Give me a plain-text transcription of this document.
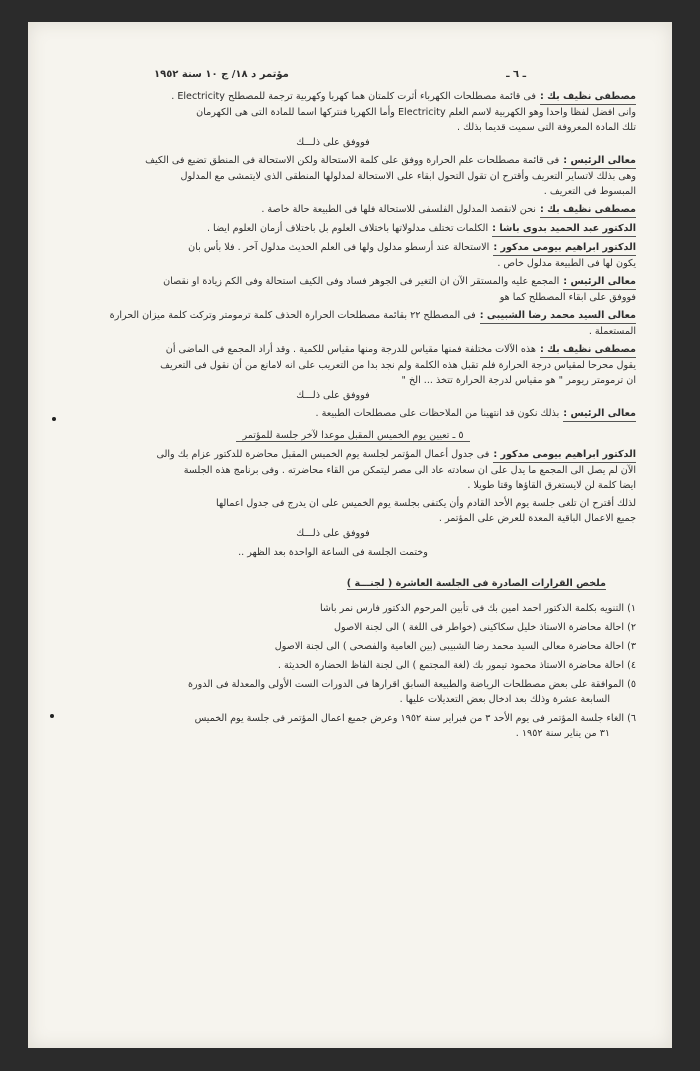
مؤتمر د ١٨/ ج ١٠ سنة ١٩٥٢	ـ ٦ ـ
مصطفى نظيف بك :فى قائمة مصطلحات الكهرباء أثرت كلمتان هما كهربا وكهربية ترجمة للمصطلح Electricity .
وانى افضل لفظا واحدا وهو الكهربية لاسم العلم Electricity وأما الكهربا فنتركها اسما للمادة التى هى الكهرمان
تلك المادة المعروفة التى سميت قديما بذلك .
فووفق على ذلـــك
معالى الرئيس :فى قائمة مصطلحات علم الحرارة ووفق على كلمة الاستحالة ولكن الاستحالة فى المنطق تضيع فى الكيف
وهى بذلك لاتساير التعريف وأقترح ان تقول التحول ابقاء على الاستحالة لمدلولها المنطقى الذى لايتمشى مع المدلول
المبسوط فى التعريف .
مصطفى نظيف بك :نحن لانقصد المدلول الفلسفى للاستحالة فلها فى الطبيعة حالة خاصة .
الدكتور عبد الحميد بدوى باشا :الكلمات تختلف مدلولاتها باختلاف العلوم بل باختلاف أزمان العلوم ايضا .
الدكتور ابراهيم بيومى مدكور :الاستحالة عند أرسطو مدلول ولها فى العلم الحديث مدلول آخر . فلا بأس بان
يكون لها فى الطبيعة مدلول خاص .
معالى الرئيس :المجمع عليه والمستقر الآن ان التغير فى الجوهر فساد وفى الكيف استحالة وفى الكم زيادة او نقصان
فووفق على ابقاء المصطلح كما هو
معالى السيد محمد رضا الشبيبى :فى المصطلح ٢٢ بقائمة مصطلحات الحرارة الحذف كلمة ترمومتر وتركت كلمة ميزان الحرارة
المستعملة .
مصطفى نظيف بك :هذه الآلات مختلفة فمنها مقياس للدرجة ومنها مقياس للكمية . وقد أراد المجمع فى الماضى أن
يقول محرحا لمقياس درجة الحرارة فلم تقبل هذه الكلمة ولم نجد بدا من التعريب على انه لامانع من أن نقول فى التعريف
ان ترمومتر ريومر " هو مقياس لدرجة الحرارة تتخذ ... الخ "
فووفق على ذلـــك
معالى الرئيس :بذلك نكون قد انتهينا من الملاحظات على مصطلحات الطبيعة .
٥ ـ تعيين يوم الخميس المقبل موعدا لآخر جلسة للمؤتمر
الدكتور ابراهيم بيومى مدكور :فى جدول أعمال المؤتمر لجلسة يوم الخميس المقبل محاضرة للدكتور عزام بك والى
الآن لم يصل الى المجمع ما يدل على ان سعادته عاد الى مصر ليتمكن من القاء محاضرته . وفى برنامج هذه الجلسة
ايضا كلمة لن لايستغرق القاؤها وقتا طويلا .
لذلك أقترح ان تلغى جلسة يوم الأحد القادم وأن يكتفى بجلسة يوم الخميس على ان يدرج فى جدول اعمالها
جميع الاعمال الباقية المعدة للعرض على المؤتمر .
فووفق على ذلـــك
وختمت الجلسة فى الساعة الواحدة بعد الظهر ..
ملخص القرارات الصادرة فى الجلسة العاشرة ( لجنـــة )
١) التنويه بكلمة الدكتور احمد امين بك فى تأبين المرحوم الدكتور فارس نمر باشا
٢) احالة محاضرة الاستاذ خليل سكاكينى (خواطر فى اللغة ) الى لجنة الاصول
٣) احالة محاضرة معالى السيد محمد رضا الشبيبى (بين العامية والفصحى ) الى لجنة الاصول
٤) احالة محاضرة الاستاذ محمود تيمور بك (لغة المجتمع ) الى لجنة الفاظ الحضارة الحديثة .
٥) الموافقة على بعض مصطلحات الرياضة والطبيعة السابق اقرارها فى الدورات الست الأولى والمعدلة فى الدورة
السابعة عشرة وذلك بعد ادخال بعض التعديلات عليها .
٦) الغاء جلسة المؤتمر فى يوم الأحد ٣ من فبراير سنة ١٩٥٢ وعرض جميع اعمال المؤتمر فى جلسة يوم الخميس
٣١ من يناير سنة ١٩٥٢ .
